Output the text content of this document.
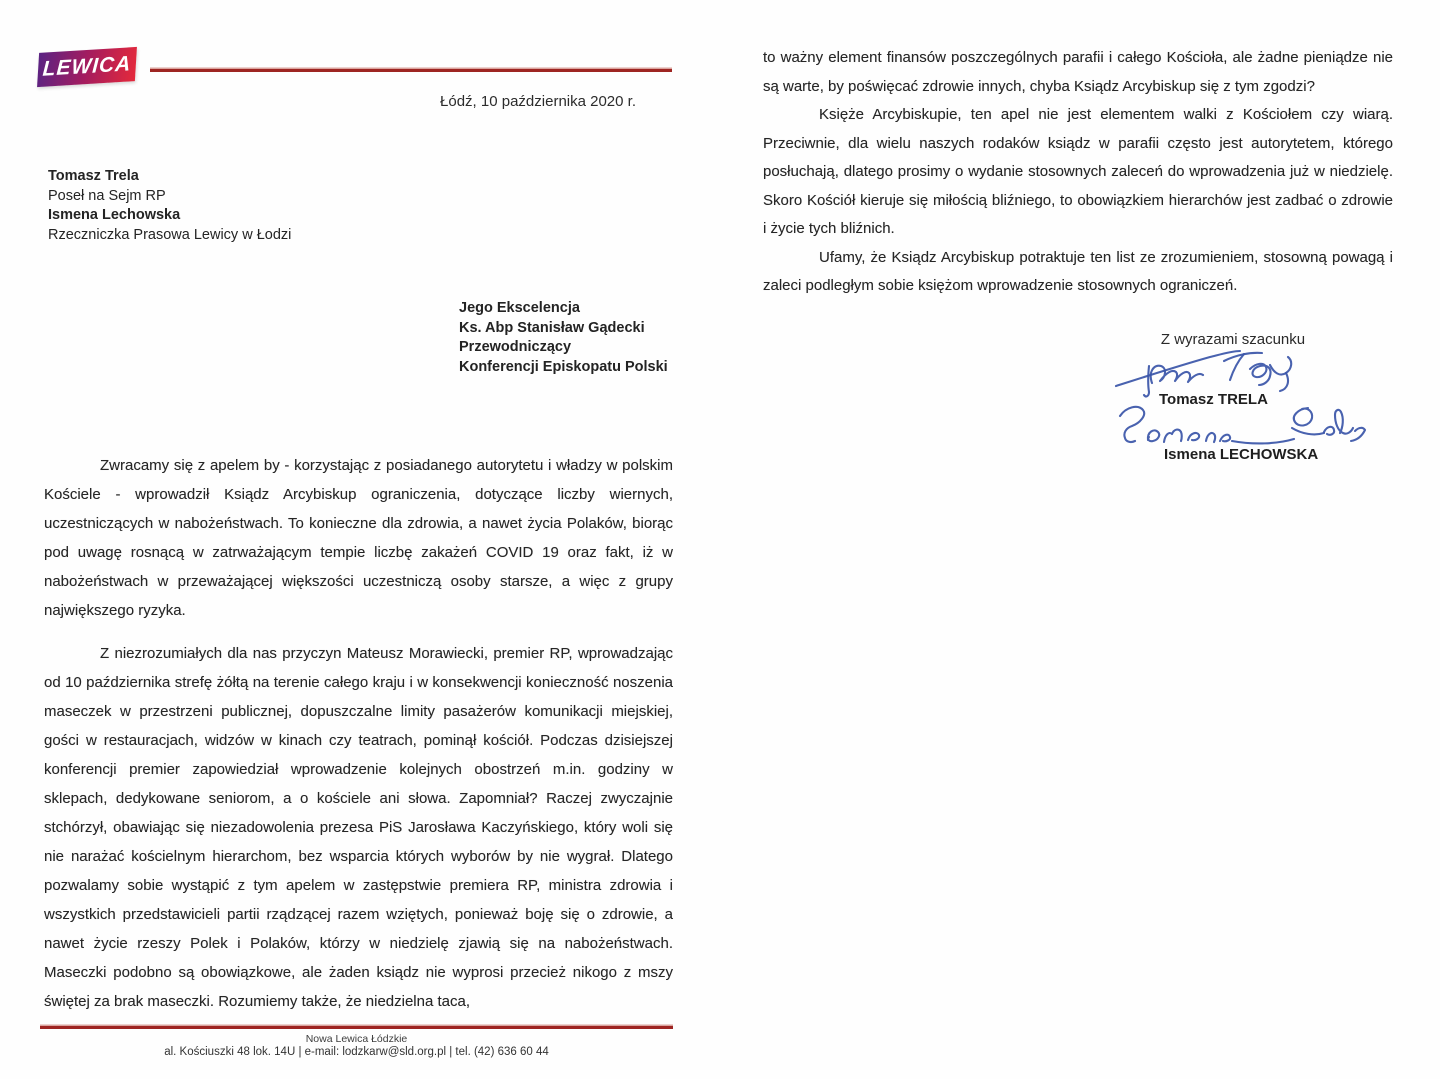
LEWICA
Łódź, 10 października 2020 r.
Tomasz Trela
Poseł na Sejm RP
Ismena Lechowska
Rzeczniczka Prasowa Lewicy w Łodzi
Jego Ekscelencja
Ks. Abp Stanisław Gądecki
Przewodniczący
Konferencji Episkopatu Polski

Zwracamy się z apelem by - korzystając z posiadanego autorytetu i władzy w polskim Kościele - wprowadził Ksiądz Arcybiskup ograniczenia, dotyczące liczby wiernych, uczestniczących w nabożeństwach. To konieczne dla zdrowia, a nawet życia Polaków, biorąc pod uwagę rosnącą w zatrważającym tempie liczbę zakażeń COVID 19 oraz fakt, iż w nabożeństwach w przeważającej większości uczestniczą osoby starsze, a więc z grupy największego ryzyka.

Z niezrozumiałych dla nas przyczyn Mateusz Morawiecki, premier RP, wprowadzając od 10 października strefę żółtą na terenie całego kraju i w konsekwencji konieczność noszenia maseczek w przestrzeni publicznej, dopuszczalne limity pasażerów komunikacji miejskiej, gości w restauracjach, widzów w kinach czy teatrach, pominął kościół. Podczas dzisiejszej konferencji premier zapowiedział wprowadzenie kolejnych obostrzeń m.in. godziny w sklepach, dedykowane seniorom, a o kościele ani słowa. Zapomniał? Raczej zwyczajnie stchórzył, obawiając się niezadowolenia prezesa PiS Jarosława Kaczyńskiego, który woli się nie narażać kościelnym hierarchom, bez wsparcia których wyborów by nie wygrał. Dlatego pozwalamy sobie wystąpić z tym apelem w zastępstwie premiera RP, ministra zdrowia i wszystkich przedstawicieli partii rządzącej razem wziętych, ponieważ boję się o zdrowie, a nawet życie rzeszy Polek i Polaków, którzy w niedzielę zjawią się na nabożeństwach. Maseczki podobno są obowiązkowe, ale żaden ksiądz nie wyprosi przecież nikogo z mszy świętej za brak maseczki. Rozumiemy także, że niedzielna taca,

Nowa Lewica Łódzkie
al. Kościuszki 48 lok. 14U | e-mail: lodzkarw@sld.org.pl | tel. (42) 636 60 44

to ważny element finansów poszczególnych parafii i całego Kościoła, ale żadne pieniądze nie są warte, by poświęcać zdrowie innych, chyba Ksiądz Arcybiskup się z tym zgodzi?

Księże Arcybiskupie, ten apel nie jest elementem walki z Kościołem czy wiarą. Przeciwnie, dla wielu naszych rodaków ksiądz w parafii często jest autorytetem, którego posłuchają, dlatego prosimy o wydanie stosownych zaleceń do wprowadzenia już w niedzielę. Skoro Kościół kieruje się miłością bliźniego, to obowiązkiem hierarchów jest zadbać o zdrowie i życie tych bliźnich.

Ufamy, że Ksiądz Arcybiskup potraktuje ten list ze zrozumieniem, stosowną powagą i zaleci podległym sobie księżom wprowadzenie stosownych ograniczeń.

Z wyrazami szacunku
Tomasz TRELA
Ismena LECHOWSKA
